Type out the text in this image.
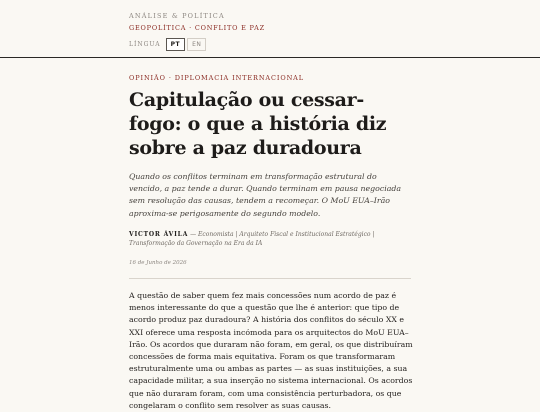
ANÁLISE & POLÍTICA
GEOPOLÍTICA · CONFLITO E PAZ
LÍNGUA	PT	EN
OPINIÃO · DIPLOMACIA INTERNACIONAL
Capitulação ou cessar-fogo: o que a história diz sobre a paz duradoura

Quando os conflitos terminam em transformação estrutural do vencido, a paz tende a durar. Quando terminam em pausa negociada sem resolução das causas, tendem a recomeçar. O MoU EUA–Irão aproxima-se perigosamente do segundo modelo.

VICTOR ÁVILA — Economista | Arquiteto Fiscal e Institucional Estratégico | Transformação da Governação na Era da IA
16 de Junho de 2026

A questão de saber quem fez mais concessões num acordo de paz é menos interessante do que a questão que lhe é anterior: que tipo de acordo produz paz duradoura? A história dos conflitos do século XX e XXI oferece uma resposta incómoda para os arquitectos do MoU EUA–Irão. Os acordos que duraram não foram, em geral, os que distribuíram concessões de forma mais equitativa. Foram os que transformaram estruturalmente uma ou ambas as partes — as suas instituições, a sua capacidade militar, a sua inserção no sistema internacional. Os acordos que não duraram foram, com uma consistência perturbadora, os que congelaram o conflito sem resolver as suas causas.
